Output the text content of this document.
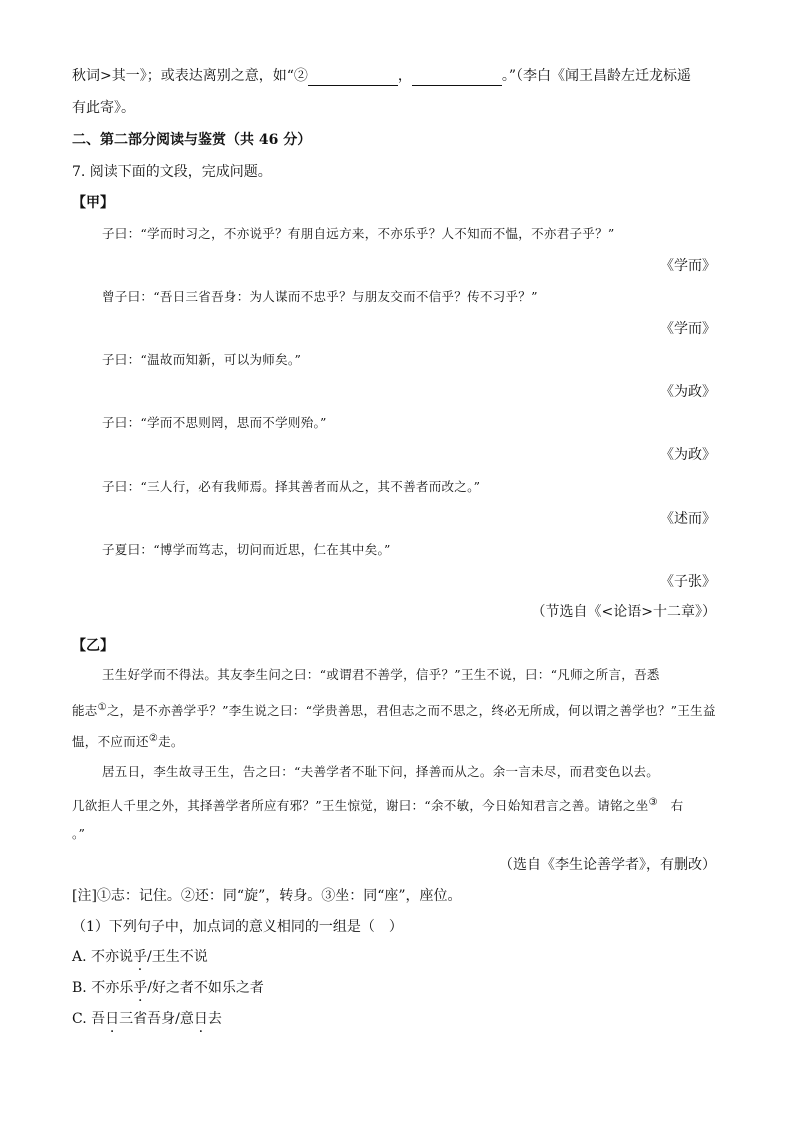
秋词>其一》；或表达离别之意，如“②	，	。”（李白《闻王昌龄左迁龙标遥
有此寄》。
二、第二部分阅读与鉴赏（共 46 分）
7. 阅读下面的文段，完成问题。
【甲】
子曰：“学而时习之，不亦说乎？有朋自远方来，不亦乐乎？人不知而不愠，不亦君子乎？”
《学而》
曾子曰：“吾日三省吾身：为人谋而不忠乎？与朋友交而不信乎？传不习乎？”
《学而》
子曰：“温故而知新，可以为师矣。”
《为政》
子曰：“学而不思则罔，思而不学则殆。”
《为政》
子曰：“三人行，必有我师焉。择其善者而从之，其不善者而改之。”
《述而》
子夏曰：“博学而笃志，切问而近思，仁在其中矣。”
《子张》
（节选自《<论语>十二章》）
【乙】
王生好学而不得法。其友李生问之曰：“或谓君不善学，信乎？”王生不说，曰：“凡师之所言，吾悉
能志①之，是不亦善学乎？”李生说之曰：“学贵善思，君但志之而不思之，终必无所成，何以谓之善学也？”王生益
愠，不应而还②走。
居五日，李生故寻王生，告之曰：“夫善学者不耻下问，择善而从之。余一言未尽，而君变色以去。
几欲拒人千里之外，其择善学者所应有邪？”王生惊觉，谢曰：“余不敏，今日始知君言之善。请铭之坐③  右
。”
（选自《李生论善学者》，有删改）
[注]①志：记住。②还：同“旋”，转身。③坐：同“座”，座位。
（1）下列句子中，加点词的意义相同的一组是（　）
A. 不亦说乎/王生不说
B. 不亦乐乎/好之者不如乐之者
C. 吾日三省吾身/意日去
